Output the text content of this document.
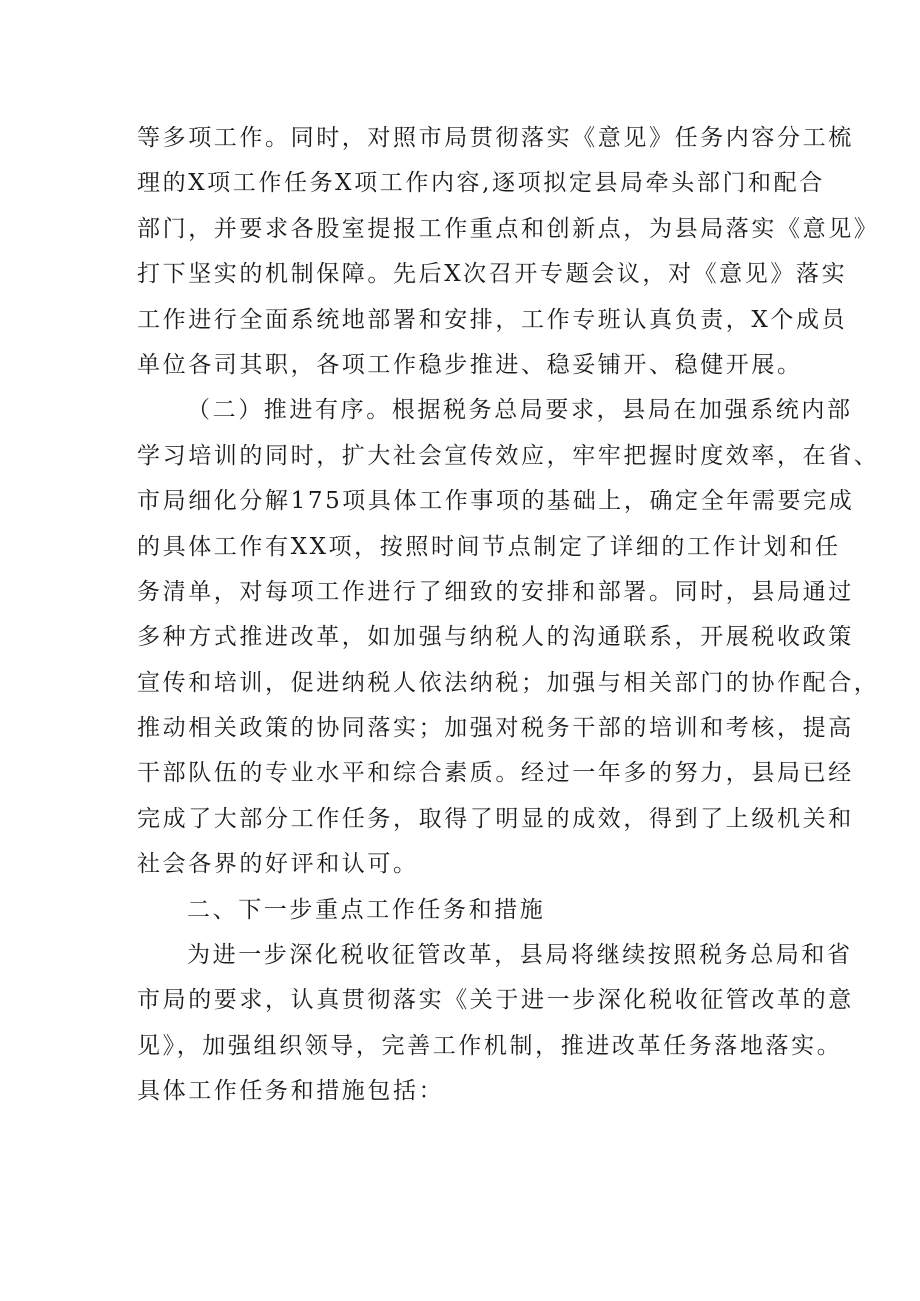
等多项工作。同时，对照市局贯彻落实《意见》任务内容分工梳
理的X项工作任务X项工作内容,逐项拟定县局牵头部门和配合
部门，并要求各股室提报工作重点和创新点，为县局落实《意见》
打下坚实的机制保障。先后X次召开专题会议，对《意见》落实
工作进行全面系统地部署和安排，工作专班认真负责，X个成员
单位各司其职，各项工作稳步推进、稳妥铺开、稳健开展。
（二）推进有序。根据税务总局要求，县局在加强系统内部
学习培训的同时，扩大社会宣传效应，牢牢把握时度效率，在省、
市局细化分解175项具体工作事项的基础上，确定全年需要完成
的具体工作有XX项，按照时间节点制定了详细的工作计划和任
务清单，对每项工作进行了细致的安排和部署。同时，县局通过
多种方式推进改革，如加强与纳税人的沟通联系，开展税收政策
宣传和培训，促进纳税人依法纳税；加强与相关部门的协作配合，
推动相关政策的协同落实；加强对税务干部的培训和考核，提高
干部队伍的专业水平和综合素质。经过一年多的努力，县局已经
完成了大部分工作任务，取得了明显的成效，得到了上级机关和
社会各界的好评和认可。
二、下一步重点工作任务和措施
为进一步深化税收征管改革，县局将继续按照税务总局和省
市局的要求，认真贯彻落实《关于进一步深化税收征管改革的意
见》，加强组织领导，完善工作机制，推进改革任务落地落实。
具体工作任务和措施包括：
